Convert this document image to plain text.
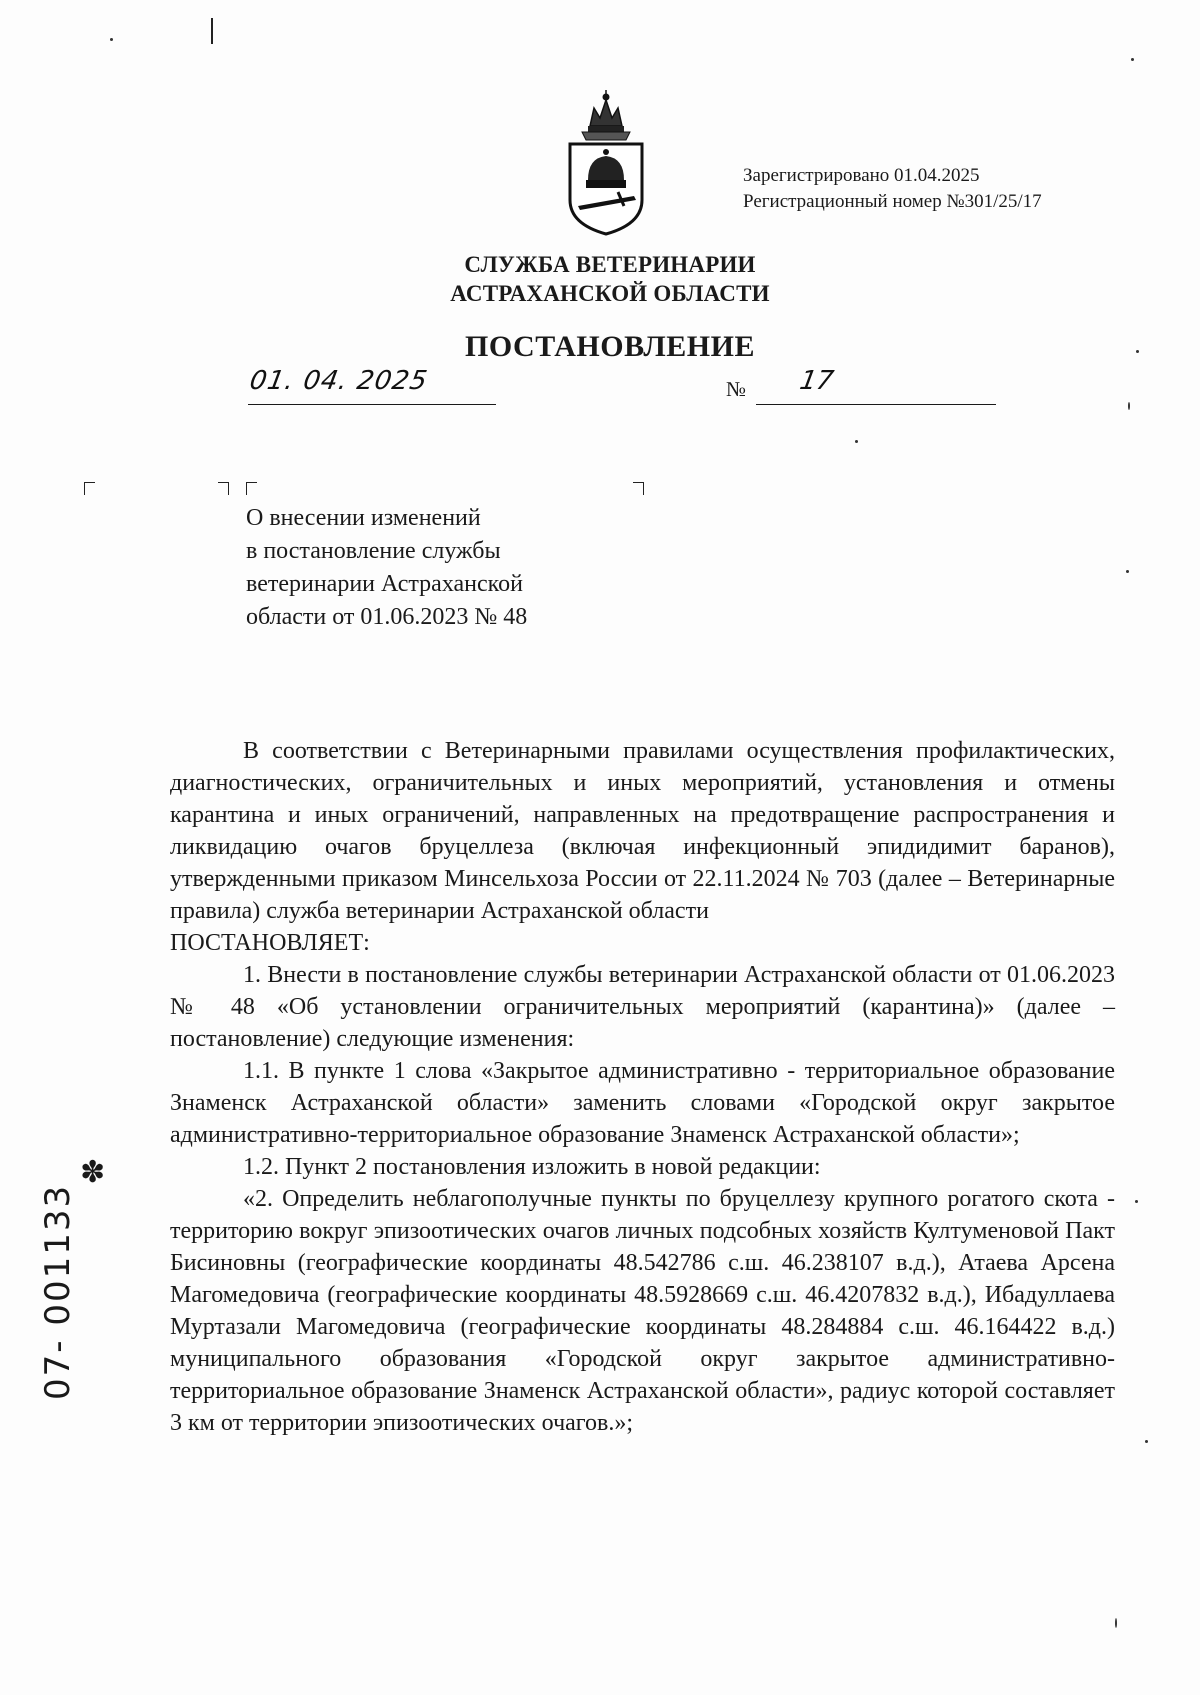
Зарегистрировано 01.04.2025
Регистрационный номер №301/25/17
СЛУЖБА ВЕТЕРИНАРИИ
АСТРАХАНСКОЙ ОБЛАСТИ
ПОСТАНОВЛЕНИЕ
01. 04. 2025	№ 17
О внесении изменений
в постановление службы
ветеринарии Астраханской
области от 01.06.2023 № 48

В соответствии с Ветеринарными правилами осуществления профилактических, диагностических, ограничительных и иных мероприятий, установления и отмены карантина и иных ограничений, направленных на предотвращение распространения и ликвидацию очагов бруцеллеза (включая инфекционный эпидидимит баранов), утвержденными приказом Минсельхоза России от 22.11.2024 № 703 (далее – Ветеринарные правила) служба ветеринарии Астраханской области

ПОСТАНОВЛЯЕТ:

1. Внести в постановление службы ветеринарии Астраханской области от 01.06.2023 № 48 «Об установлении ограничительных мероприятий (карантина)» (далее – постановление) следующие изменения:

1.1. В пункте 1 слова «Закрытое административно - территориальное образование Знаменск Астраханской области» заменить словами «Городской округ закрытое административно-территориальное образование Знаменск Астраханской области»;

1.2. Пункт 2 постановления изложить в новой редакции:

«2. Определить неблагополучные пункты по бруцеллезу крупного рогатого скота - территорию вокруг эпизоотических очагов личных подсобных хозяйств Култуменовой Пакт Бисиновны (географические координаты 48.542786 с.ш. 46.238107 в.д.), Атаева Арсена Магомедовича (географические координаты 48.5928669 с.ш. 46.4207832 в.д.), Ибадуллаева Муртазали Магомедовича (географические координаты 48.284884 с.ш. 46.164422 в.д.) муниципального образования «Городской округ закрытое административно-территориальное образование Знаменск Астраханской области», радиус которой составляет 3 км от территории эпизоотических очагов.»;

✽
07- 001133
